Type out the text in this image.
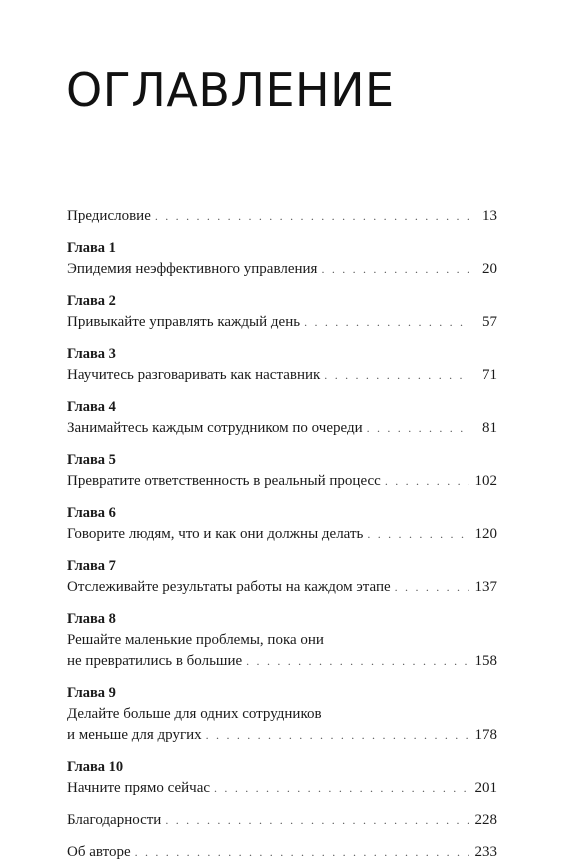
ОГЛАВЛЕНИЕ
Предисловие . . .	13
Глава 1
Эпидемия неэффективного управления . . .	20
Глава 2
Привыкайте управлять каждый день . . .	57
Глава 3
Научитесь разговаривать как наставник . . .	71
Глава 4
Занимайтесь каждым сотрудником по очереди . . .	81
Глава 5
Превратите ответственность в реальный процесс . . .	102
Глава 6
Говорите людям, что и как они должны делать . . .	120
Глава 7
Отслеживайте результаты работы на каждом этапе . . .	137
Глава 8
Решайте маленькие проблемы, пока они
не превратились в большие . . .	158
Глава 9
Делайте больше для одних сотрудников
и меньше для других . . .	178
Глава 10
Начните прямо сейчас . . .	201
Благодарности . . .	228
Об авторе . . .	233
